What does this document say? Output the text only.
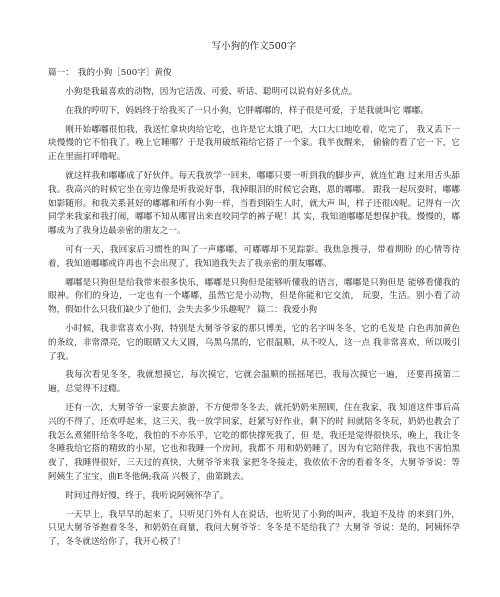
写小狗的作文500字
篇一： 我的小狗［500字］黄俊

小狗是我最喜欢的动物，因为它活泼、可爱、听话、聪明可以说有好多优点。

在我的哼叨下，妈妈终于给我买了一只小狗，它胖嘟嘟的，样子很是可爱，于是我就叫它 嘟嘟。

刚开始嘟嘟很怕我，我送忙拿块肉给它吃，也许是它太饿了吧，大口大口地吃着，吃完了， 我又丢下一块慢慢的它不怕我了。晚上它睡哪？于是我用破纸箱给它搭了一个家。我半夜醒来， 偷偷的看了它一下，它正在里面打呼噜呢。

就这样我和嘟嘟成了好伙伴。每天我放学一回来，嘟嘟只要一听到我的脚步声，就连忙跑 过来用舌头舔我。我高兴的时候它坐在旁边像是听我说好事，我掉眼泪的时候它会跑，恩的嘟嘟。 跟我一起玩耍时，嘟嘟如影随形。和我关系甚好的嘟嘟和所有小狗一样，当看到陌生人时，就大声 叫，样子还很凶呢。记得有一次同学来我家和我打闹，嘟嘟不知从哪冒出来直咬同学的裤子呢！其 实，我知道嘟嘟是想保护我。慢慢的，嘟嘟成为了我身边最亲密的朋友之一。

可有一天，我回家后习惯性的叫了一声嘟嘟，可嘟嘟却不见踪影。我焦急搜寻，带着期盼 的心情等待着，我知道嘟嘟或许再也不会出现了，我知道我失去了我亲密的朋友嘟嘟。

嘟嘟是只狗但是给我带来很多快乐，嘟嘟是只狗但是能够听懂我的语言，嘟嘟是只狗但是 能够看懂我的眼神。你们的身边，一定也有一个嘟嘟，虽然它是小动物，但是你能和它交流， 玩耍，生活。别小看了动物，假如什么只我们缺少了他们，会失去多少乐趣呢？ 篇二：我爱小狗

小时候，我非常喜欢小狗，特别是大舅爷爷家的那只博美，它的名字叫冬冬，它的毛发是 白色再加黄色的条纹，非常漂亮，它的眼睛又大又圆，乌黑乌黑的，它很温顺，从不咬人，这一点 我非常喜欢，所以吸引了我。

我每次看见冬冬，我就想摸它，每次摸它，它就会温顺的摇摇尾巴，我每次摸它一遍， 还要再摸第二遍，总觉得不过瘾。

还有一次，大舅爷爷一家要去旅游，不方便带冬冬去，就托奶奶来照顾，住在我家，我 知道这件事后高兴的不得了，还欢呼起来，这三天，我一放学回家，赶紧写好作业，剩下的时 间就陪冬冬玩，奶奶也教会了我怎么煮猪肝给冬冬吃，我怕的不亦乐乎，它吃的都快撑死我了，但 是，我还是觉得很快乐，晚上，我让冬冬睡我给它搭的精致的小屋，它也和我睡一个房间，我都不 用和奶奶睡了，因为有它陪伴我，我也不害怕黑夜了，我睡得很好，三天过的真快，大舅爷爷来我 家把冬冬接走，我依依不舍的看着冬冬，大舅爷爷说：等阿姨生了宝宝，曲E冬他俩;我高 兴极了，曲第跳去。

时间过得好慢，终于，我听说阿姨怀孕了。

一天早上，我早早的起来了，只听见门外有人在说话，也听见了小狗的叫声，我迫不及待 的来到门外，只见大舅爷爷抱着冬冬，和奶奶在商量，我问大舅爷爷：冬冬是不是给我了？大舅爷 爷说：是的，阿姨怀孕了，冬冬就送给你了，我开心极了！
